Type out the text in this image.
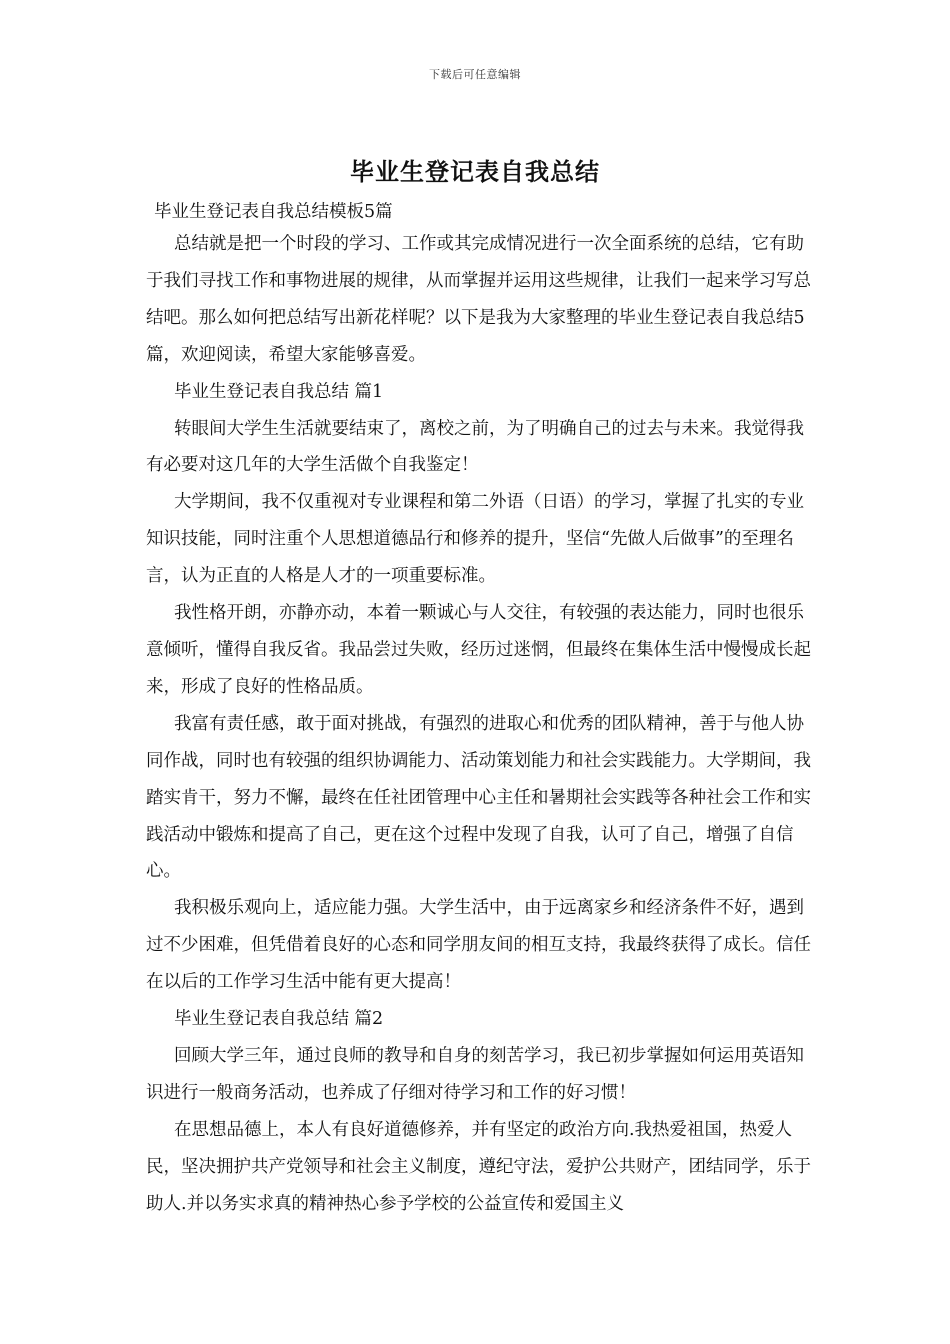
下载后可任意编辑
毕业生登记表自我总结

毕业生登记表自我总结模板5篇

总结就是把一个时段的学习、工作或其完成情况进行一次全面系统的总结，它有助于我们寻找工作和事物进展的规律，从而掌握并运用这些规律，让我们一起来学习写总结吧。那么如何把总结写出新花样呢？以下是我为大家整理的毕业生登记表自我总结5篇，欢迎阅读，希望大家能够喜爱。

毕业生登记表自我总结 篇1

转眼间大学生生活就要结束了，离校之前，为了明确自己的过去与未来。我觉得我有必要对这几年的大学生活做个自我鉴定！

大学期间，我不仅重视对专业课程和第二外语（日语）的学习，掌握了扎实的专业知识技能，同时注重个人思想道德品行和修养的提升，坚信“先做人后做事”的至理名言，认为正直的人格是人才的一项重要标准。

我性格开朗，亦静亦动，本着一颗诚心与人交往，有较强的表达能力，同时也很乐意倾听，懂得自我反省。我品尝过失败，经历过迷惘，但最终在集体生活中慢慢成长起来，形成了良好的性格品质。

我富有责任感，敢于面对挑战，有强烈的进取心和优秀的团队精神，善于与他人协同作战，同时也有较强的组织协调能力、活动策划能力和社会实践能力。大学期间，我踏实肯干，努力不懈，最终在任社团管理中心主任和暑期社会实践等各种社会工作和实践活动中锻炼和提高了自己，更在这个过程中发现了自我，认可了自己，增强了自信心。

我积极乐观向上，适应能力强。大学生活中，由于远离家乡和经济条件不好，遇到过不少困难，但凭借着良好的心态和同学朋友间的相互支持，我最终获得了成长。信任在以后的工作学习生活中能有更大提高！

毕业生登记表自我总结 篇2

回顾大学三年，通过良师的教导和自身的刻苦学习，我已初步掌握如何运用英语知识进行一般商务活动，也养成了仔细对待学习和工作的好习惯！

在思想品德上，本人有良好道德修养，并有坚定的政治方向.我热爱祖国，热爱人民，坚决拥护共产党领导和社会主义制度，遵纪守法，爱护公共财产，团结同学，乐于助人.并以务实求真的精神热心参予学校的公益宣传和爱国主义
